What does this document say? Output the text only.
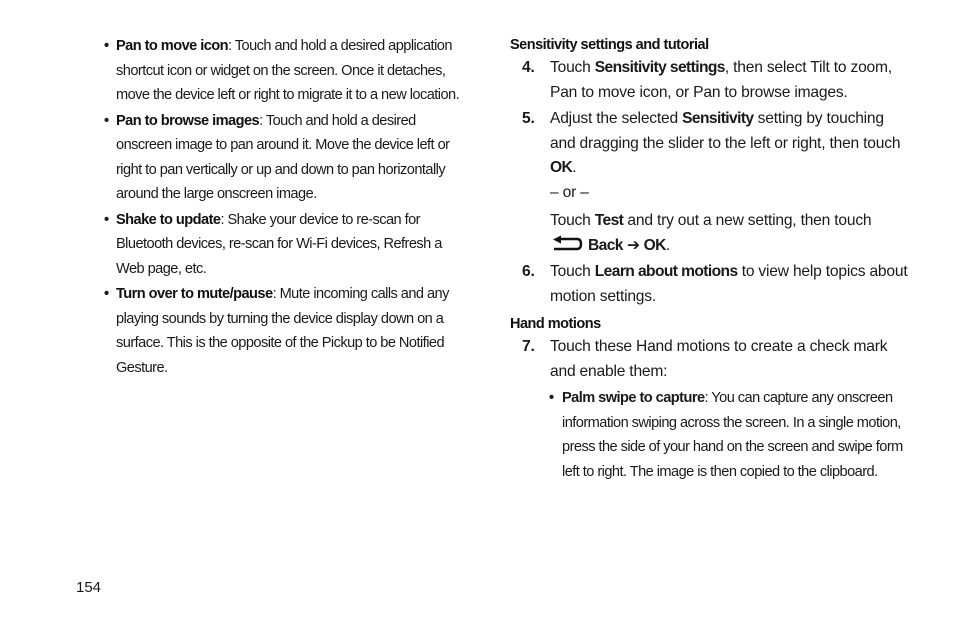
• Pan to move icon: Touch and hold a desired application shortcut icon or widget on the screen. Once it detaches, move the device left or right to migrate it to a new location.
• Pan to browse images: Touch and hold a desired onscreen image to pan around it. Move the device left or right to pan vertically or up and down to pan horizontally around the large onscreen image.
• Shake to update: Shake your device to re-scan for Bluetooth devices, re-scan for Wi-Fi devices, Refresh a Web page, etc.
• Turn over to mute/pause: Mute incoming calls and any playing sounds by turning the device display down on a surface. This is the opposite of the Pickup to be Notified Gesture.
Sensitivity settings and tutorial
4. Touch Sensitivity settings, then select Tilt to zoom, Pan to move icon, or Pan to browse images.
5. Adjust the selected Sensitivity setting by touching and dragging the slider to the left or right, then touch OK.
– or –
Touch Test and try out a new setting, then touch
Back ➔ OK.
6. Touch Learn about motions to view help topics about motion settings.
Hand motions
7. Touch these Hand motions to create a check mark and enable them:
• Palm swipe to capture: You can capture any onscreen information swiping across the screen. In a single motion, press the side of your hand on the screen and swipe form left to right. The image is then copied to the clipboard.
154
